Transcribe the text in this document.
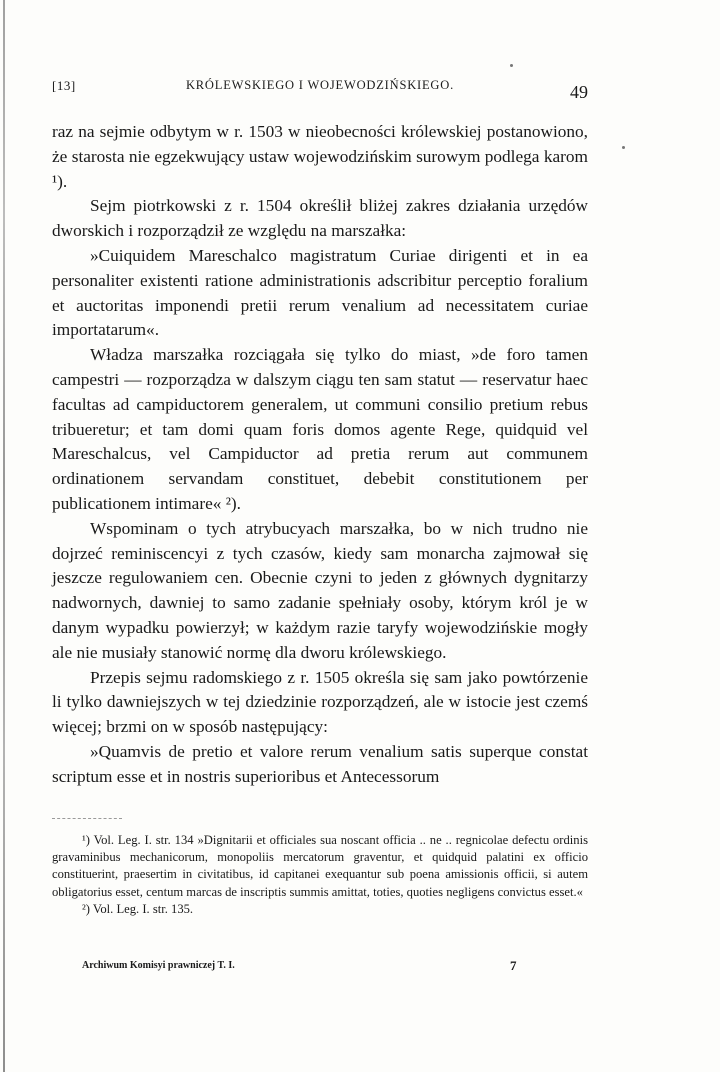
[13]	KRÓLEWSKIEGO I WOJEWODZIŃSKIEGO.	49

raz na sejmie odbytym w r. 1503 w nieobecności królewskiej postanowiono, że starosta nie egzekwujący ustaw wojewodzińskim surowym podlega karom ¹).

Sejm piotrkowski z r. 1504 określił bliżej zakres działania urzędów dworskich i rozporządził ze względu na marszałka:

»Cuiquidem Mareschalco magistratum Curiae dirigenti et in ea personaliter existenti ratione administrationis adscribitur perceptio foralium et auctoritas imponendi pretii rerum venalium ad necessitatem curiae importatarum«.

Władza marszałka rozciągała się tylko do miast, »de foro tamen campestri — rozporządza w dalszym ciągu ten sam statut — reservatur haec facultas ad campiductorem generalem, ut communi consilio pretium rebus tribueretur; et tam domi quam foris domos agente Rege, quidquid vel Mareschalcus, vel Campiductor ad pretia rerum aut communem ordinationem servandam constituet, debebit constitutionem per publicationem intimare« ²).

Wspominam o tych atrybucyach marszałka, bo w nich trudno nie dojrzeć reminiscencyi z tych czasów, kiedy sam monarcha zajmował się jeszcze regulowaniem cen. Obecnie czyni to jeden z głównych dygnitarzy nadwornych, dawniej to samo zadanie spełniały osoby, którym król je w danym wypadku powierzył; w każdym razie taryfy wojewodzińskie mogły ale nie musiały stanowić normę dla dworu królewskiego.

Przepis sejmu radomskiego z r. 1505 określa się sam jako powtórzenie li tylko dawniejszych w tej dziedzinie rozporządzeń, ale w istocie jest czemś więcej; brzmi on w sposób następujący:

»Quamvis de pretio et valore rerum venalium satis superque constat scriptum esse et in nostris superioribus et Antecessorum

¹) Vol. Leg. I. str. 134 »Dignitarii et officiales sua noscant officia .. ne .. regnicolae defectu ordinis gravaminibus mechanicorum, monopoliis mercatorum graventur, et quidquid palatini ex officio constituerint, praesertim in civitatibus, id capitanei exequantur sub poena amissionis officii, si autem obligatorius esset, centum marcas de inscriptis summis amittat, toties, quoties negligens convictus esset.«

²) Vol. Leg. I. str. 135.

Archiwum Komisyi prawniczej T. I.	7
